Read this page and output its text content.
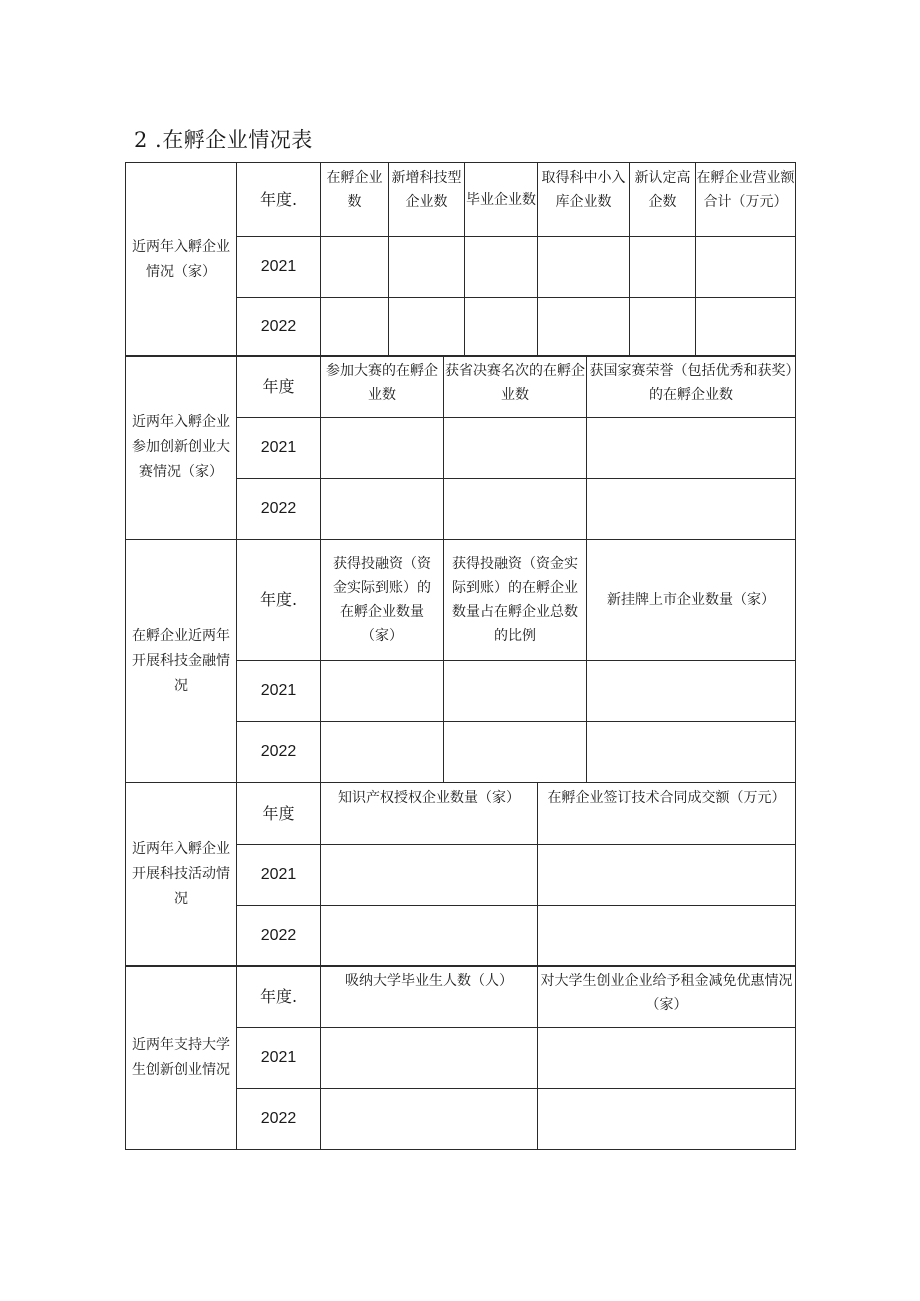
2 .在孵企业情况表
近两年入孵企业情况（家）	年度.	在孵企业数	新增科技型企业数	毕业企业数	取得科中小入库企业数	新认定高企数	在孵企业营业额合计（万元）
	2021						
	2022						
近两年入孵企业参加创新创业大赛情况（家）	年度	参加大赛的在孵企业数	获省决赛名次的在孵企业数	获国家赛荣誉（包括优秀和获奖）的在孵企业数
	2021			
	2022			
在孵企业近两年开展科技金融情况	年度.	获得投融资（资金实际到账）的在孵企业数量（家）	获得投融资（资金实际到账）的在孵企业数量占在孵企业总数的比例	新挂牌上市企业数量（家）
	2021			
	2022			
近两年入孵企业开展科技活动情况	年度	知识产权授权企业数量（家）	在孵企业签订技术合同成交额（万元）
	2021		
	2022		
近两年支持大学生创新创业情况	年度.	吸纳大学毕业生人数（人）	对大学生创业企业给予租金减免优惠情况（家）
	2021		
	2022		
